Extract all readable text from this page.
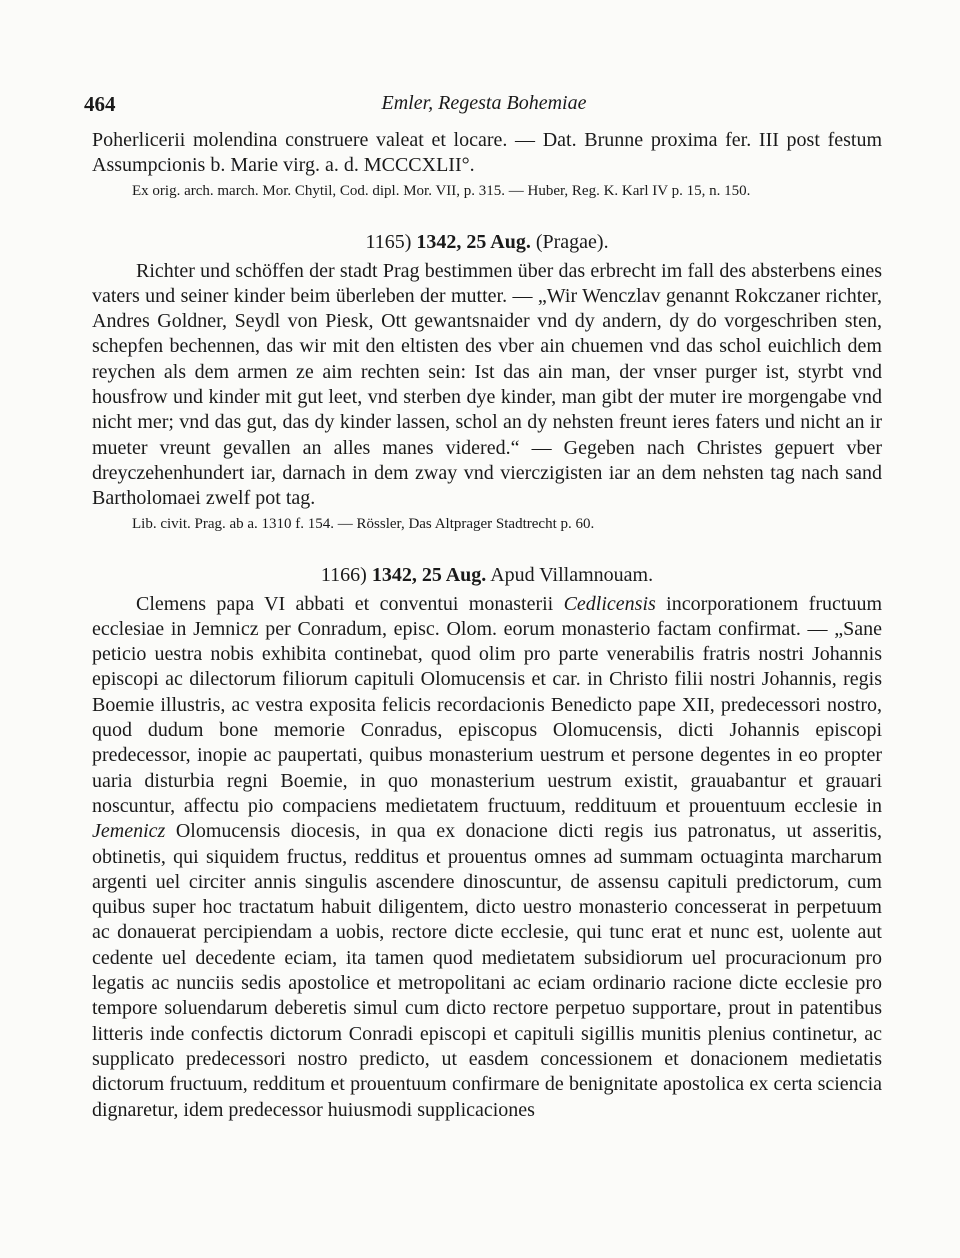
464	Emler, Regesta Bohemiae

Poherlicerii molendina construere valeat et locare. — Dat. Brunne proxima fer. III post festum Assumpcionis b. Marie virg. a. d. MCCCXLII°.

Ex orig. arch. march. Mor. Chytil, Cod. dipl. Mor. VII, p. 315. — Huber, Reg. K. Karl IV p. 15, n. 150.

1165) 1342, 25 Aug. (Pragae).

Richter und schöffen der stadt Prag bestimmen über das erbrecht im fall des absterbens eines vaters und seiner kinder beim überleben der mutter. — „Wir Wenczlav genannt Rokczaner richter, Andres Goldner, Seydl von Piesk, Ott gewantsnaider vnd dy andern, dy do vorgeschriben sten, schepfen bechennen, das wir mit den eltisten des vber ain chuemen vnd das schol euichlich dem reychen als dem armen ze aim rechten sein: Ist das ain man, der vnser purger ist, styrbt vnd housfrow und kinder mit gut leet, vnd sterben dye kinder, man gibt der muter ire morgengabe vnd nicht mer; vnd das gut, das dy kinder lassen, schol an dy nehsten freunt ieres faters und nicht an ir mueter vreunt gevallen an alles manes videred.“ — Gegeben nach Christes gepuert vber dreyczehenhundert iar, darnach in dem zway vnd vierczigisten iar an dem nehsten tag nach sand Bartholomaei zwelf pot tag.

Lib. civit. Prag. ab a. 1310 f. 154. — Rössler, Das Altprager Stadtrecht p. 60.

1166) 1342, 25 Aug. Apud Villamnouam.

Clemens papa VI abbati et conventui monasterii Cedlicensis incorporationem fructuum ecclesiae in Jemnicz per Conradum, episc. Olom. eorum monasterio factam confirmat. — „Sane peticio uestra nobis exhibita continebat, quod olim pro parte venerabilis fratris nostri Johannis episcopi ac dilectorum filiorum capituli Olomucensis et car. in Christo filii nostri Johannis, regis Boemie illustris, ac vestra exposita felicis recordacionis Benedicto pape XII, predecessori nostro, quod dudum bone memorie Conradus, episcopus Olomucensis, dicti Johannis episcopi predecessor, inopie ac paupertati, quibus monasterium uestrum et persone degentes in eo propter uaria disturbia regni Boemie, in quo monasterium uestrum existit, grauabantur et grauari noscuntur, affectu pio compaciens medietatem fructuum, reddituum et prouentuum ecclesie in Jemenicz Olomucensis diocesis, in qua ex donacione dicti regis ius patronatus, ut asseritis, obtinetis, qui siquidem fructus, redditus et prouentus omnes ad summam octuaginta marcharum argenti uel circiter annis singulis ascendere dinoscuntur, de assensu capituli predictorum, cum quibus super hoc tractatum habuit diligentem, dicto uestro monasterio concesserat in perpetuum ac donauerat percipiendam a uobis, rectore dicte ecclesie, qui tunc erat et nunc est, uolente aut cedente uel decedente eciam, ita tamen quod medietatem subsidiorum uel procuracionum pro legatis ac nunciis sedis apostolice et metropolitani ac eciam ordinario racione dicte ecclesie pro tempore soluendarum deberetis simul cum dicto rectore perpetuo supportare, prout in patentibus litteris inde confectis dictorum Conradi episcopi et capituli sigillis munitis plenius continetur, ac supplicato predecessori nostro predicto, ut easdem concessionem et donacionem medietatis dictorum fructuum, redditum et prouentuum confirmare de benignitate apostolica ex certa sciencia dignaretur, idem predecessor huiusmodi supplicaciones
